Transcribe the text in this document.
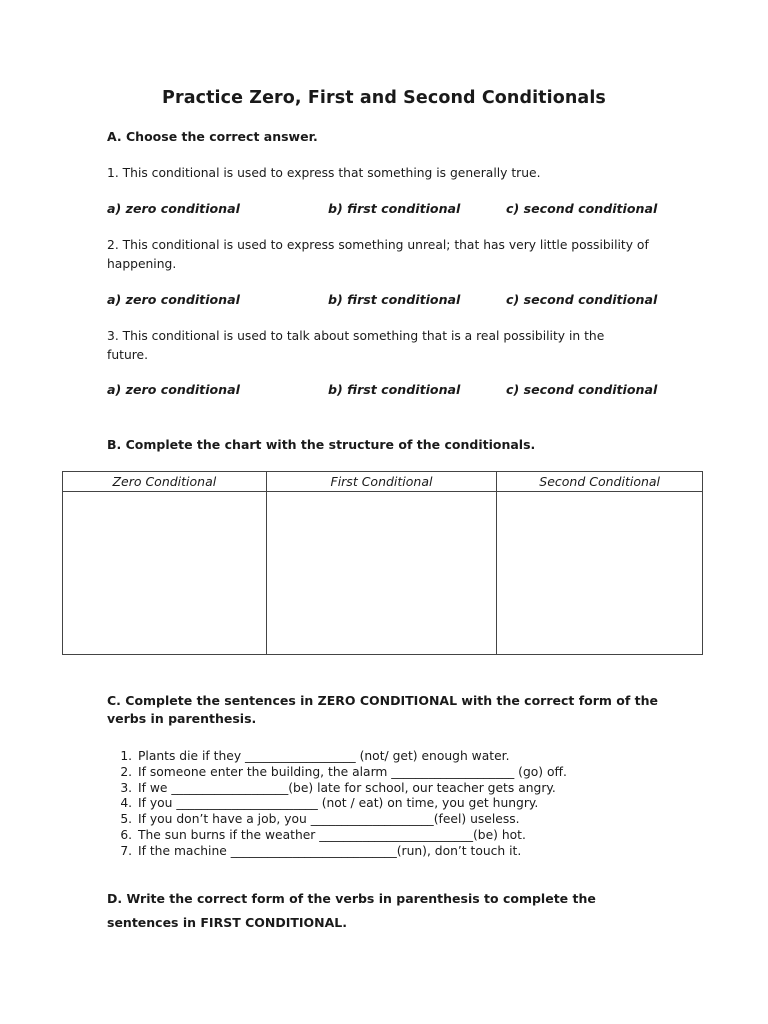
Practice Zero, First and Second Conditionals
A. Choose the correct answer.
1. This conditional is used to express that something is generally true.
a) zero conditional	b) first conditional	c) second conditional
2. This conditional is used to express something unreal; that has very little possibility of happening.
a) zero conditional	b) first conditional	c) second conditional
3. This conditional is used to talk about something that is a real possibility in the future.
a) zero conditional	b) first conditional	c) second conditional
B. Complete the chart with the structure of the conditionals.
Zero Conditional	First Conditional	Second Conditional

C. Complete the sentences in ZERO CONDITIONAL with the correct form of the
verbs in parenthesis.
1. Plants die if they __________________ (not/ get) enough water.
2. If someone enter the building, the alarm ____________________ (go) off.
3. If we ___________________(be) late for school, our teacher gets angry.
4. If you _______________________ (not / eat) on time, you get hungry.
5. If you don’t have a job, you ____________________(feel) useless.
6. The sun burns if the weather _________________________(be) hot.
7. If the machine ___________________________(run), don’t touch it.
D. Write the correct form of the verbs in parenthesis to complete the
sentences in FIRST CONDITIONAL.
